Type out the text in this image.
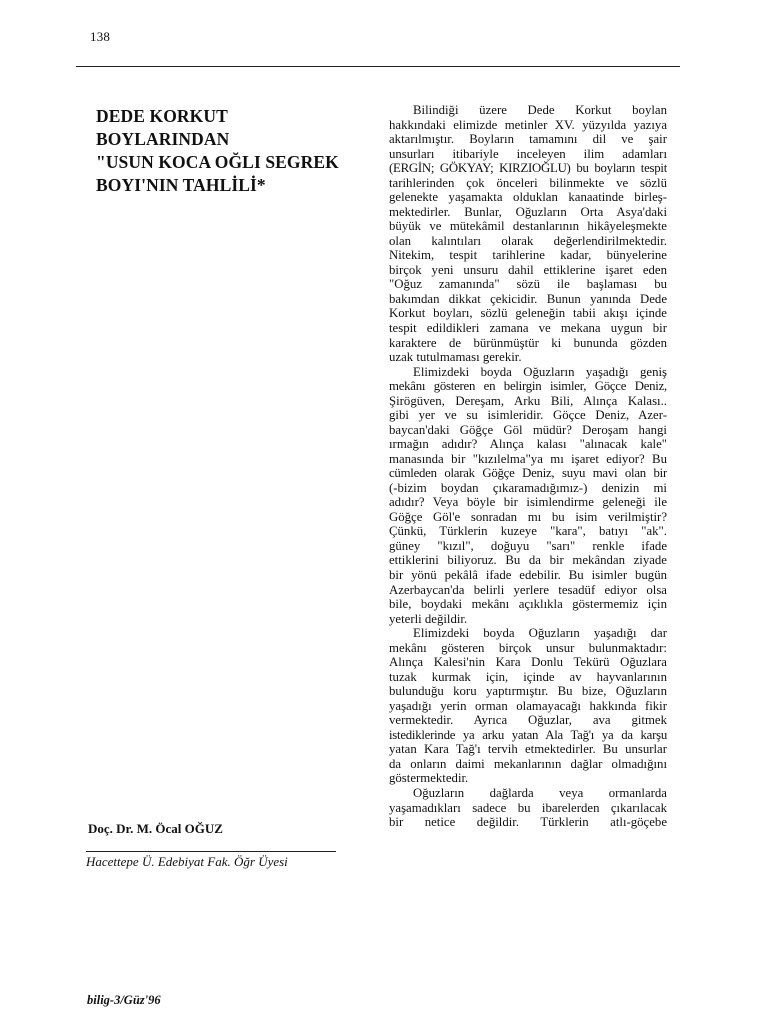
138
DEDE KORKUT
BOYLARINDAN
"USUN KOCA OĞLI SEGREK
BOYI'NIN TAHLİLİ*
Doç. Dr. M. Öcal OĞUZ
Hacettepe Ü. Edebiyat Fak. Öğr Üyesi
bilig-3/Güz'96

Bilindiği üzere Dede Korkut boylan
hakkındaki elimizde metinler XV. yüzyılda yazıya
aktarılmıştır. Boyların tamamını dil ve şair
unsurları itibariyle inceleyen ilim adamları
(ERGİN; GÖKYAY; KIRZIOĞLU) bu boyların tespit
tarihlerinden çok önceleri bilinmekte ve sözlü
gelenekte yaşamakta olduklan kanaatinde birleş-
mektedirler. Bunlar, Oğuzların Orta Asya'daki
büyük ve mütekâmil destanlarının hikâyeleşmekte
olan kalıntıları olarak değerlendirilmektedir.
Nitekim, tespit tarihlerine kadar, bünyelerine
birçok yeni unsuru dahil ettiklerine işaret eden
"Oğuz zamanında" sözü ile başlaması bu
bakımdan dikkat çekicidir. Bunun yanında Dede
Korkut boyları, sözlü geleneğin tabii akışı içinde
tespit edildikleri zamana ve mekana uygun bir
karaktere de bürünmüştür ki bununda gözden
uzak tutulmaması gerekir.

Elimizdeki boyda Oğuzların yaşadığı geniş
mekânı gösteren en belirgin isimler, Göçce Deniz,
Şirögüven, Dereşam, Arku Bili, Alınça Kalası..
gibi yer ve su isimleridir. Göçce Deniz, Azer-
baycan'daki Göğçe Göl müdür? Deroşam hangi
ırmağın adıdır? Alınça kalası "alınacak kale"
manasında bir "kızılelma"ya mı işaret ediyor? Bu
cümleden olarak Göğçe Deniz, suyu mavi olan bir
(-bizim boydan çıkaramadığımız-) denizin mi
adıdır? Veya böyle bir isimlendirme geleneği ile
Göğçe Göl'e sonradan mı bu isim verilmiştir?
Çünkü, Türklerin kuzeye "kara", batıyı "ak".
güney "kızıl", doğuyu "sarı" renkle ifade
ettiklerini biliyoruz. Bu da bir mekândan ziyade
bir yönü pekâlâ ifade edebilir. Bu isimler bugün
Azerbaycan'da belirli yerlere tesadüf ediyor olsa
bile, boydaki mekânı açıklıkla göstermemiz için
yeterli değildir.

Elimizdeki boyda Oğuzların yaşadığı dar
mekânı gösteren birçok unsur bulunmaktadır:
Alınça Kalesi'nin Kara Donlu Tekürü Oğuzlara
tuzak kurmak için, içinde av hayvanlarının
bulunduğu koru yaptırmıştır. Bu bize, Oğuzların
yaşadığı yerin orman olamayacağı hakkında fikir
vermektedir. Ayrıca Oğuzlar, ava gitmek
istediklerinde ya arku yatan Ala Tağ'ı ya da karşu
yatan Kara Tağ'ı tervih etmektedirler. Bu unsurlar
da onların daimi mekanlarının dağlar olmadığını
göstermektedir.

Oğuzların dağlarda veya ormanlarda
yaşamadıkları sadece bu ibarelerden çıkarılacak
bir netice değildir. Türklerin atlı-göçebe
